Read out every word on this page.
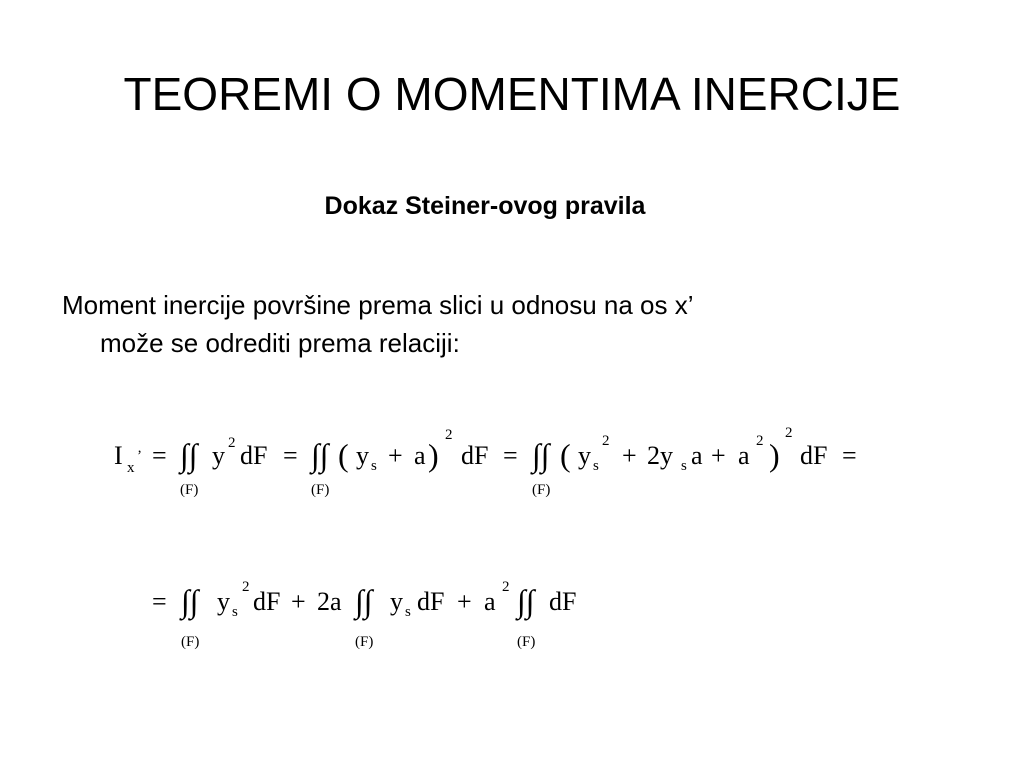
TEOREMI O MOMENTIMA INERCIJE
Dokaz Steiner-ovog pravila
Moment inercije površine prema slici u odnosu na os x’
može se odrediti prema relaciji:
I x
’ = ∫∫
(F)
y 2 dF = ∫∫
(F)
( y s + a )
2
dF = ∫∫
(F)
( y s
2 + 2y s a + a 2 )
2
dF =
= ∫∫
(F)
y s
2 dF + 2a ∫∫
(F)
y s dF + a 2 ∫∫
(F)
dF
